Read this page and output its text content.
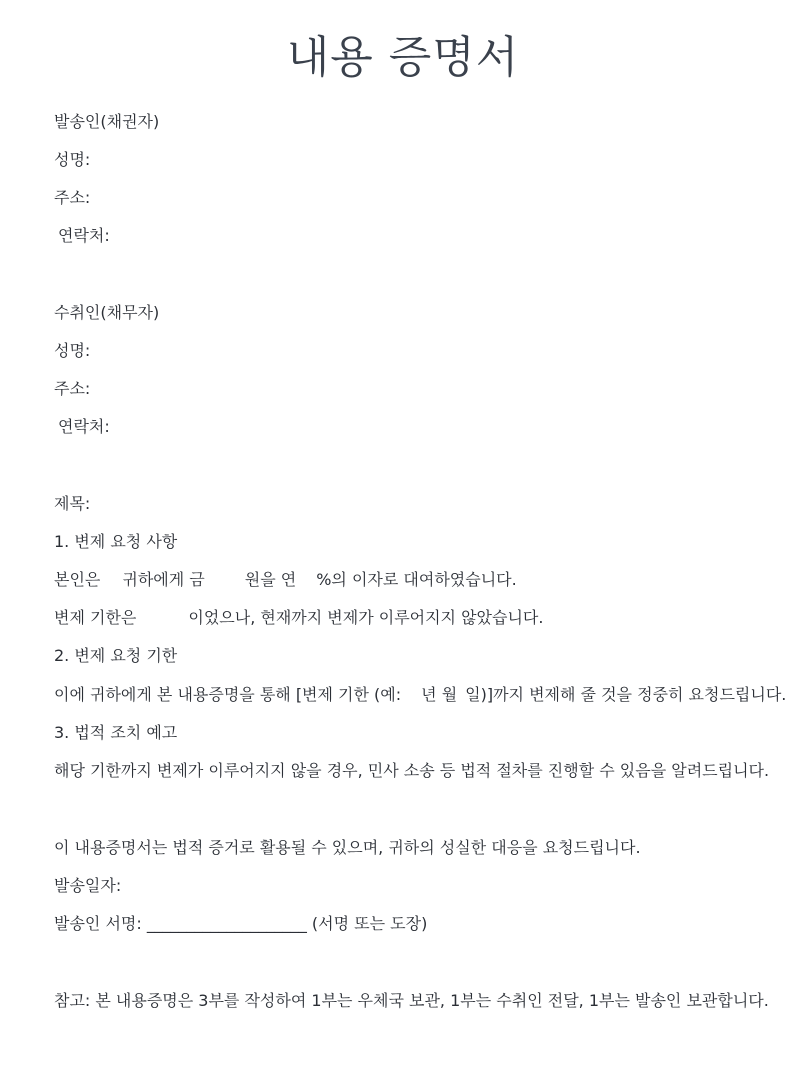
내용 증명서
발송인(채권자)
성명:
주소:
연락처:
수취인(채무자)
성명:
주소:
연락처:
제목:
1. 변제 요청 사항
본인은 귀하에게 금	원을 연 %의 이자로 대여하였습니다.
변제 기한은	이었으나, 현재까지 변제가 이루어지지 않았습니다.
2. 변제 요청 기한
이에 귀하에게 본 내용증명을 통해 [변제 기한 (예: 년 월 일)]까지 변제해 줄 것을 정중히 요청드립니다.
3. 법적 조치 예고
해당 기한까지 변제가 이루어지지 않을 경우, 민사 소송 등 법적 절차를 진행할 수 있음을 알려드립니다.
이 내용증명서는 법적 증거로 활용될 수 있으며, 귀하의 성실한 대응을 요청드립니다.
발송일자:
발송인 서명: ____________________ (서명 또는 도장)
참고: 본 내용증명은 3부를 작성하여 1부는 우체국 보관, 1부는 수취인 전달, 1부는 발송인 보관합니다.
